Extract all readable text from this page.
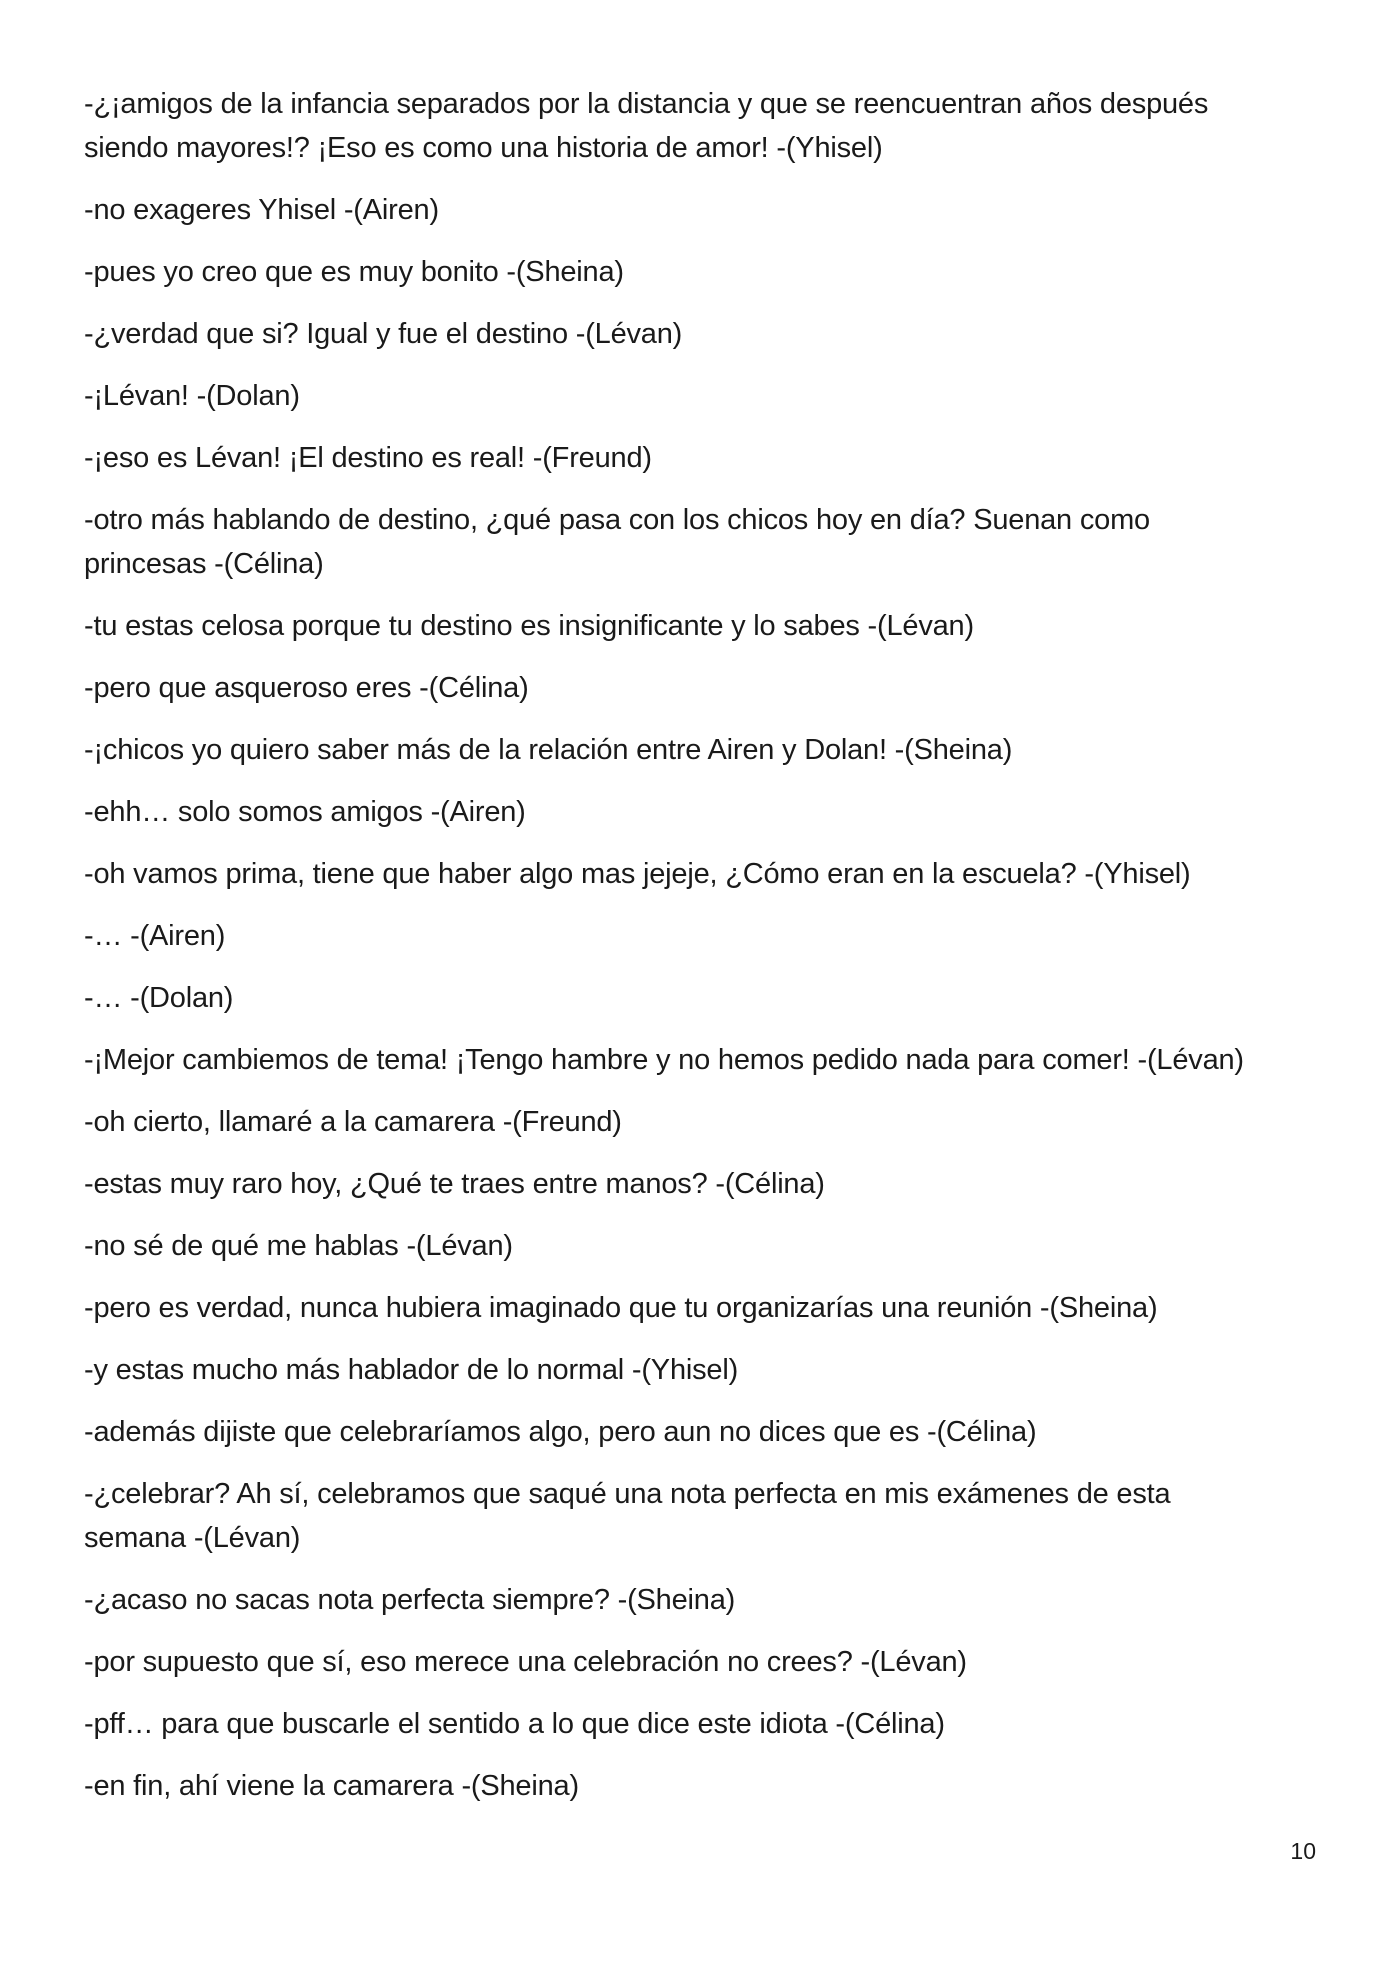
-¿¡amigos de la infancia separados por la distancia y que se reencuentran años después siendo mayores!? ¡Eso es como una historia de amor! -(Yhisel)

-no exageres Yhisel -(Airen)

-pues yo creo que es muy bonito -(Sheina)

-¿verdad que si? Igual y fue el destino -(Lévan)

-¡Lévan! -(Dolan)

-¡eso es Lévan! ¡El destino es real! -(Freund)

-otro más hablando de destino, ¿qué pasa con los chicos hoy en día? Suenan como princesas -(Célina)

-tu estas celosa porque tu destino es insignificante y lo sabes -(Lévan)

-pero que asqueroso eres -(Célina)

-¡chicos yo quiero saber más de la relación entre Airen y Dolan! -(Sheina)

-ehh… solo somos amigos -(Airen)

-oh vamos prima, tiene que haber algo mas jejeje, ¿Cómo eran en la escuela? -(Yhisel)

-… -(Airen)

-… -(Dolan)

-¡Mejor cambiemos de tema! ¡Tengo hambre y no hemos pedido nada para comer! -(Lévan)

-oh cierto, llamaré a la camarera -(Freund)

-estas muy raro hoy, ¿Qué te traes entre manos? -(Célina)

-no sé de qué me hablas -(Lévan)

-pero es verdad, nunca hubiera imaginado que tu organizarías una reunión -(Sheina)

-y estas mucho más hablador de lo normal -(Yhisel)

-además dijiste que celebraríamos algo, pero aun no dices que es -(Célina)

-¿celebrar? Ah sí, celebramos que saqué una nota perfecta en mis exámenes de esta semana -(Lévan)

-¿acaso no sacas nota perfecta siempre? -(Sheina)

-por supuesto que sí, eso merece una celebración no crees? -(Lévan)

-pff… para que buscarle el sentido a lo que dice este idiota -(Célina)

-en fin, ahí viene la camarera -(Sheina)

10
